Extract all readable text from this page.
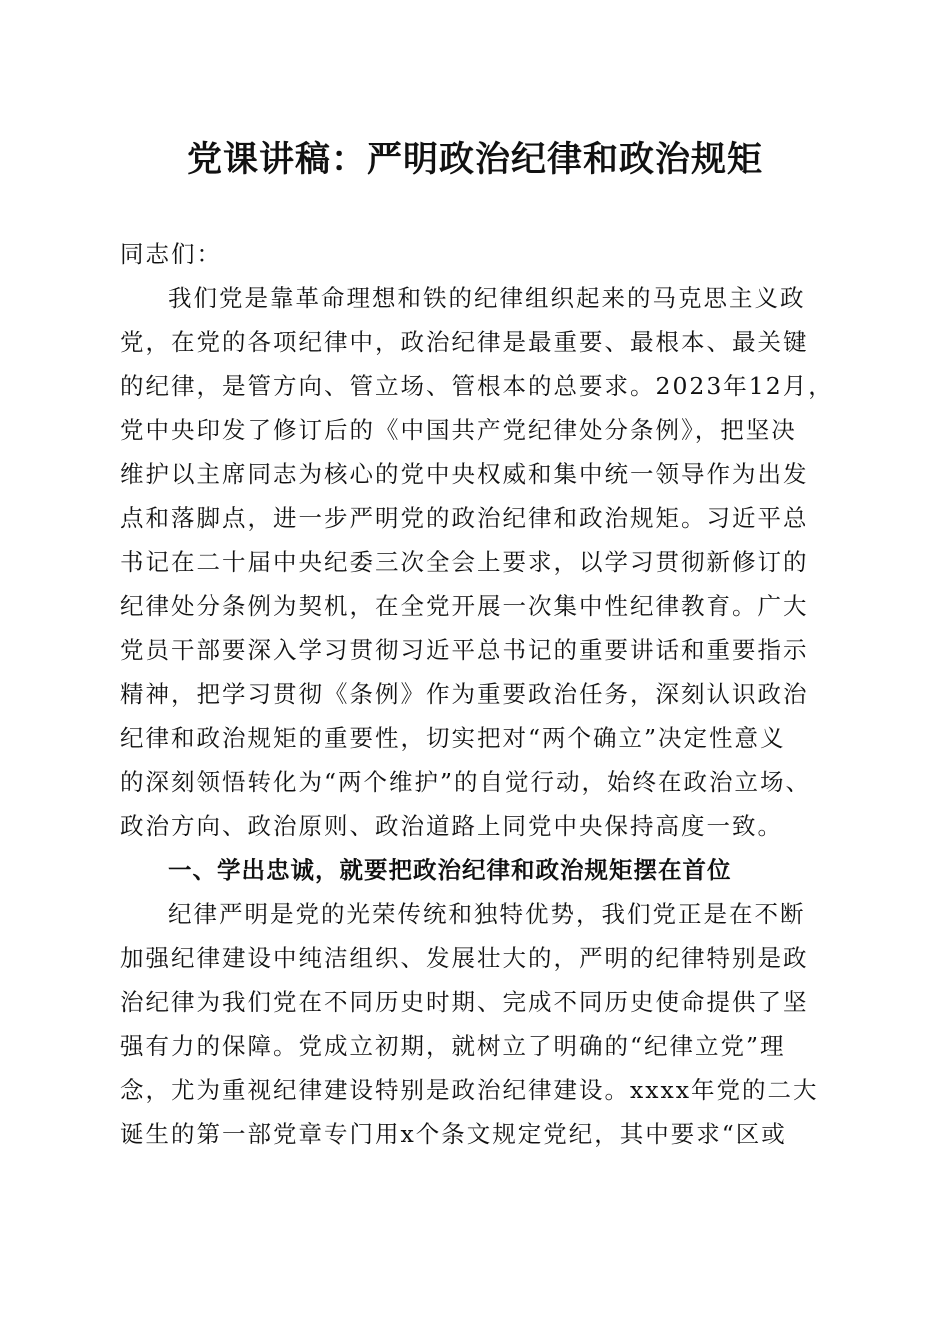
党课讲稿：严明政治纪律和政治规矩

同志们：

我们党是靠革命理想和铁的纪律组织起来的马克思主义政

党，在党的各项纪律中，政治纪律是最重要、最根本、最关键

的纪律，是管方向、管立场、管根本的总要求。2023年12月，

党中央印发了修订后的《中国共产党纪律处分条例》，把坚决

维护以主席同志为核心的党中央权威和集中统一领导作为出发

点和落脚点，进一步严明党的政治纪律和政治规矩。习近平总

书记在二十届中央纪委三次全会上要求，以学习贯彻新修订的

纪律处分条例为契机，在全党开展一次集中性纪律教育。广大

党员干部要深入学习贯彻习近平总书记的重要讲话和重要指示

精神，把学习贯彻《条例》作为重要政治任务，深刻认识政治

纪律和政治规矩的重要性，切实把对“两个确立”决定性意义

的深刻领悟转化为“两个维护”的自觉行动，始终在政治立场、

政治方向、政治原则、政治道路上同党中央保持高度一致。

一、学出忠诚，就要把政治纪律和政治规矩摆在首位

纪律严明是党的光荣传统和独特优势，我们党正是在不断

加强纪律建设中纯洁组织、发展壮大的，严明的纪律特别是政

治纪律为我们党在不同历史时期、完成不同历史使命提供了坚

强有力的保障。党成立初期，就树立了明确的“纪律立党”理

念，尤为重视纪律建设特别是政治纪律建设。xxxx年党的二大

诞生的第一部党章专门用x个条文规定党纪，其中要求“区或
